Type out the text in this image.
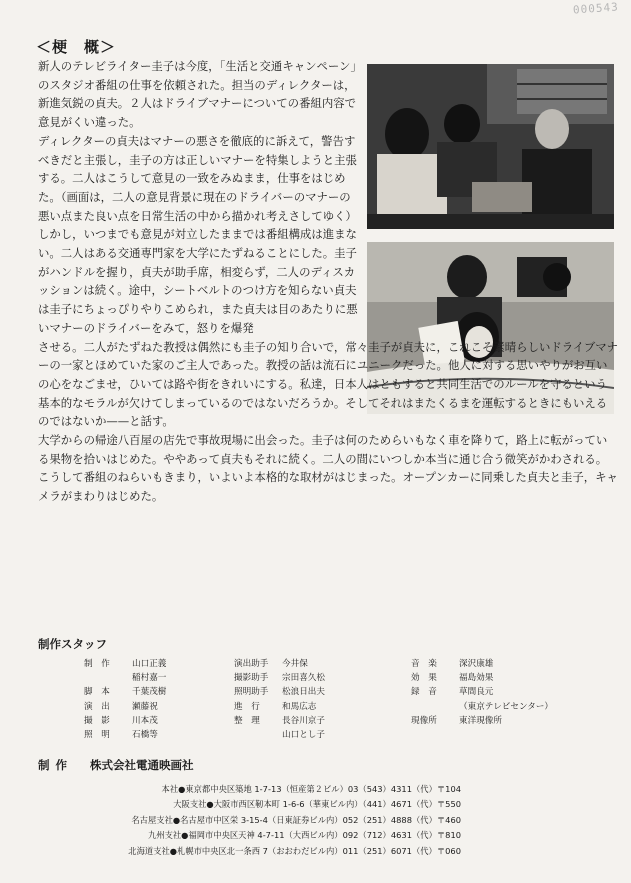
000543
＜梗　概＞

新人のテレビライター圭子は今度，「生活と交通キャンペーン」のスタジオ番組の仕事を依頼された。担当のディレクターは，新進気鋭の貞夫。２人はドライブマナーについての番組内容で意見がくい違った。

ディレクターの貞夫はマナーの悪さを徹底的に訴えて，警告すべきだと主張し，圭子の方は正しいマナーを特集しようと主張する。二人はこうして意見の一致をみぬまま，仕事をはじめた。（画面は，二人の意見背景に現在のドライバーのマナーの悪い点また良い点を日常生活の中から描かれ考えさしてゆく）しかし，いつまでも意見が対立したままでは番組構成は進まない。二人はある交通専門家を大学にたずねることにした。圭子がハンドルを握り，貞夫が助手席，相変らず，二人のディスカッションは続く。途中，シートベルトのつけ方を知らない貞夫は圭子にちょっぴりやりこめられ，また貞夫は目のあたりに悪いマナーのドライバーをみて，怒りを爆発

させる。二人がたずねた教授は偶然にも圭子の知り合いで，常々圭子が貞夫に，これこそ素晴らしいドライブマナーの一家とほめていた家のご主人であった。教授の話は流石にユニークだった。他人に対する思いやりがお互いの心をなごませ，ひいては路や街をきれいにする。私達，日本人はともすると共同生活でのルールを守るという基本的なモラルが欠けてしまっているのではないだろうか。そしてそれはまたくるまを運転するときにもいえるのではないか——と話す。

大学からの帰途八百屋の店先で事故現場に出会った。圭子は何のためらいもなく車を降りて，路上に転がっている果物を拾いはじめた。ややあって貞夫もそれに続く。二人の間にいつしか本当に通じ合う微笑がかわされる。

こうして番組のねらいもきまり，いよいよ本格的な取材がはじまった。オープンカーに同乗した貞夫と圭子，キャメラがまわりはじめた。

制作スタッフ
制　作	山口正義
稲村嘉一
脚　本	千葉茂樹
演　出	瀬藤祝
撮　影	川本茂
照　明	石橋等
演出助手	今井保
撮影助手	宗田喜久松
照明助手	松浪日出夫
進　行	和馬広志
整　理	長谷川京子
山口とし子
音　楽	深沢康雄
効　果	福島効果
録　音	草間良元
（東京テレビセンター）
現像所	東洋現像所
制作 株式会社電通映画社
本社●東京都中央区築地 1-7-13（恒産第２ビル）03（543）4311（代）〒104
大阪支社●大阪市西区靭本町 1-6-6（華東ビル内）（441）4671（代）〒550
名古屋支社●名古屋市中区栄 3-15-4（日東証券ビル内）052（251）4888（代）〒460
九州支社●福岡市中央区天神 4-7-11（大西ビル内）092（712）4631（代）〒810
北海道支社●札幌市中央区北一条西 7（おおわだビル内）011（251）6071（代）〒060
